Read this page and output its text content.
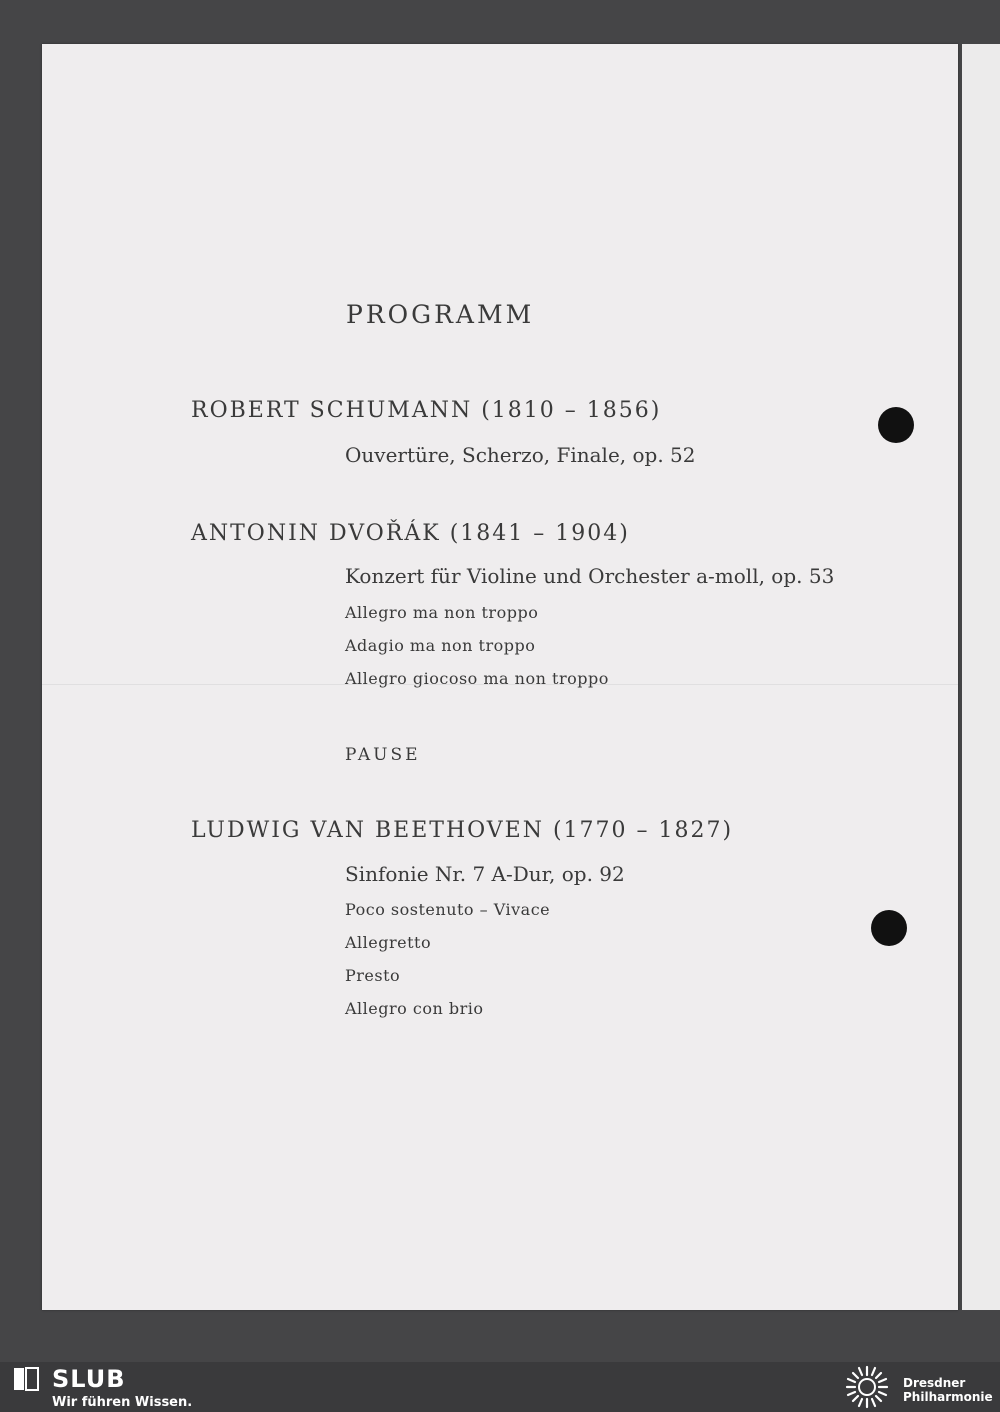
PROGRAMM
ROBERT SCHUMANN (1810 – 1856)
Ouvertüre, Scherzo, Finale, op. 52
ANTONIN DVOŘÁK (1841 – 1904)
Konzert für Violine und Orchester a-moll, op. 53
Allegro ma non troppo
Adagio ma non troppo
Allegro giocoso ma non troppo
PAUSE
LUDWIG VAN BEETHOVEN (1770 – 1827)
Sinfonie Nr. 7 A-Dur, op. 92
Poco sostenuto – Vivace
Allegretto
Presto
Allegro con brio
SLUB
Wir führen Wissen.
Dresdner
Philharmonie
